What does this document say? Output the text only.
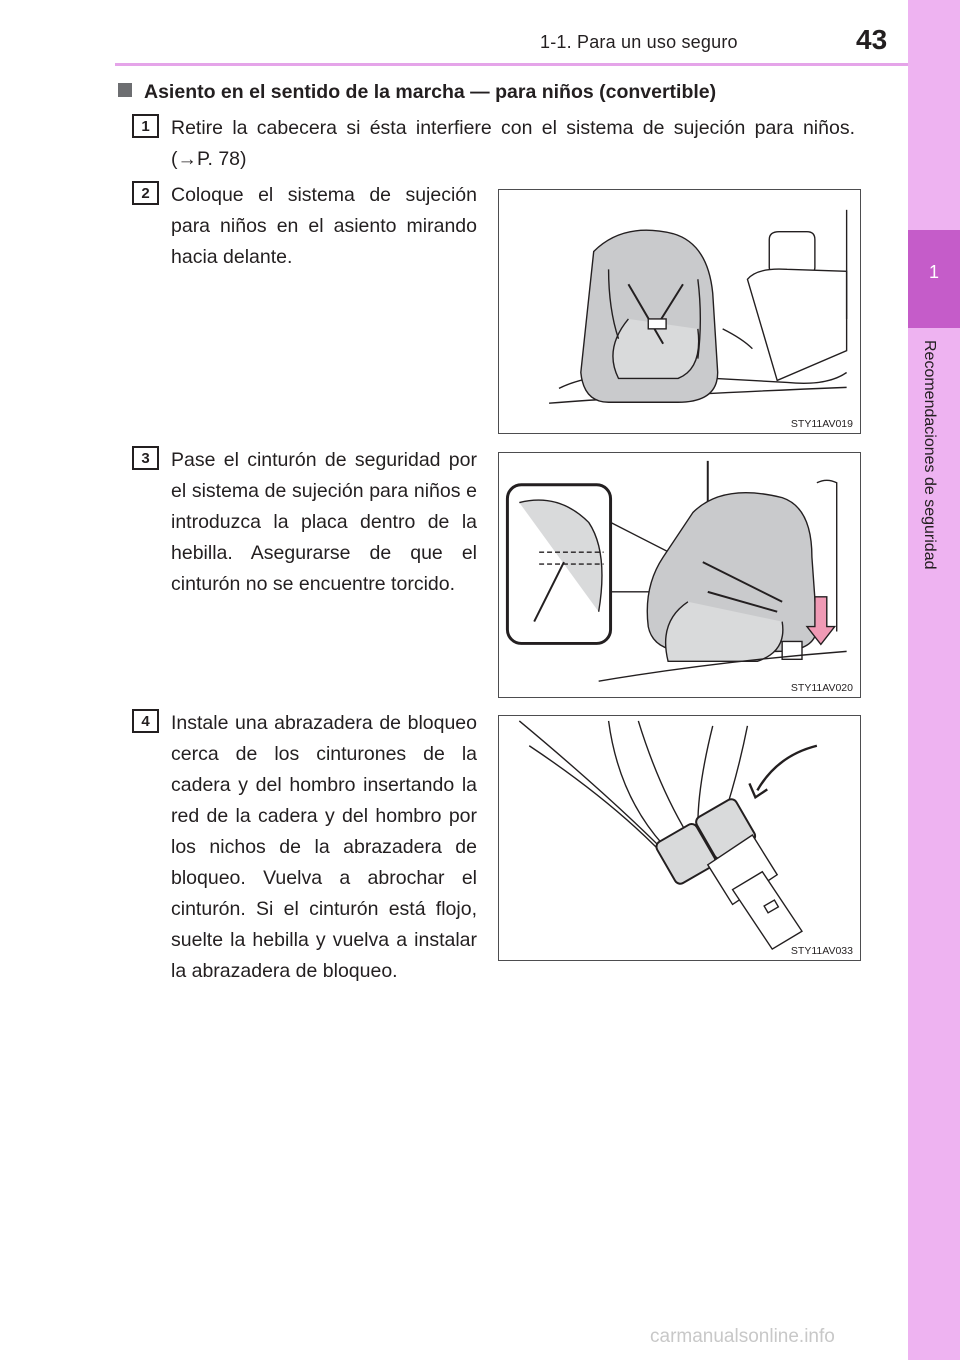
1-1. Para un uso seguro	43
1
Recomendaciones de seguridad
Asiento en el sentido de la marcha — para niños (convertible)
1	Retire la cabecera si ésta interfiere con el sistema de sujeción para niños. (→P. 78)
2	Coloque el sistema de sujeción para niños en el asiento mirando hacia delante.
STY11AV019
3	Pase el cinturón de seguridad por el sistema de sujeción para niños e introduzca la placa dentro de la hebilla. Asegurarse de que el cinturón no se encuentre torcido.
STY11AV020
4	Instale una abrazadera de bloqueo cerca de los cinturones de la cadera y del hombro insertando la red de la cadera y del hombro por los nichos de la abrazadera de bloqueo. Vuelva a abrochar el cinturón. Si el cinturón está flojo, suelte la hebilla y vuelva a instalar la abrazadera de bloqueo.
STY11AV033
carmanualsonline.info
